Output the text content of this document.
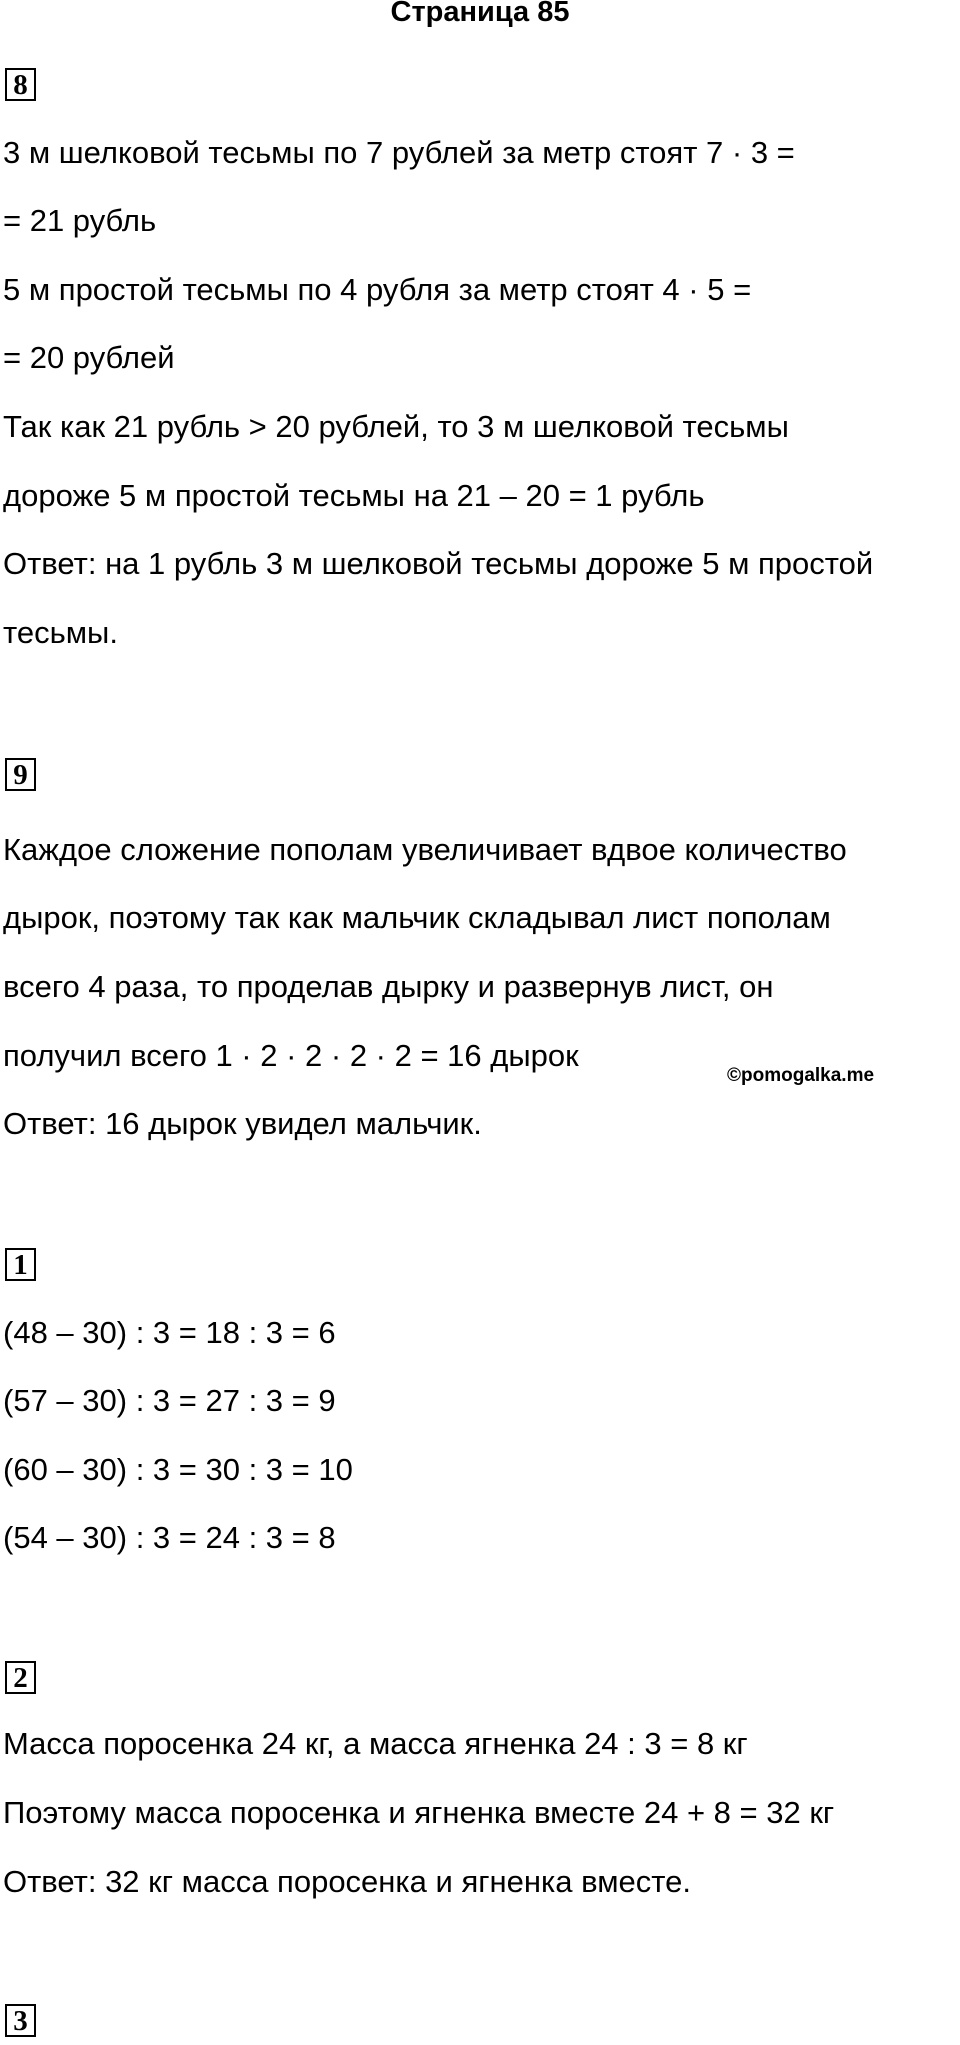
Страница 85
8
3 м шелковой тесьмы по 7 рублей за метр стоят 7 · 3 =
= 21 рубль
5 м простой тесьмы по 4 рубля за метр стоят 4 · 5 =
= 20 рублей
Так как 21 рубль > 20 рублей, то 3 м шелковой тесьмы
дороже 5 м простой тесьмы на 21 – 20 = 1 рубль
Ответ: на 1 рубль 3 м шелковой тесьмы дороже 5 м простой
тесьмы.
9
Каждое сложение пополам увеличивает вдвое количество
дырок, поэтому так как мальчик складывал лист пополам
всего 4 раза, то проделав дырку и развернув лист, он
получил всего 1 · 2 · 2 · 2 · 2 = 16 дырок
Ответ: 16 дырок увидел мальчик.
©pomogalka.me
1
(48 – 30) : 3 = 18 : 3 = 6
(57 – 30) : 3 = 27 : 3 = 9
(60 – 30) : 3 = 30 : 3 = 10
(54 – 30) : 3 = 24 : 3 = 8
2
Масса поросенка 24 кг, а масса ягненка 24 : 3 = 8 кг
Поэтому масса поросенка и ягненка вместе 24 + 8 = 32 кг
Ответ: 32 кг масса поросенка и ягненка вместе.
3
